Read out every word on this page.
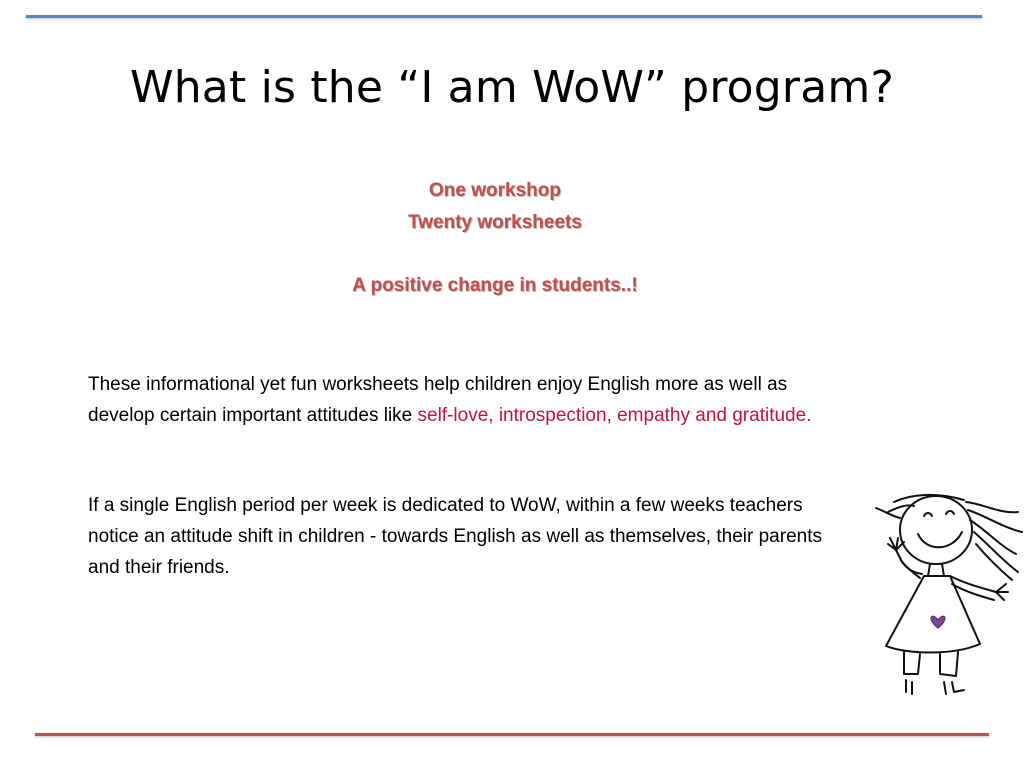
What is the “I am WoW” program?
One workshop
Twenty worksheets
A positive change in students..!
These informational yet fun worksheets help children enjoy English more as well as develop certain important attitudes like self-love, introspection, empathy and gratitude.
If a single English period per week is dedicated to WoW, within a few weeks teachers notice an attitude shift in children - towards English as well as themselves, their parents and their friends.
